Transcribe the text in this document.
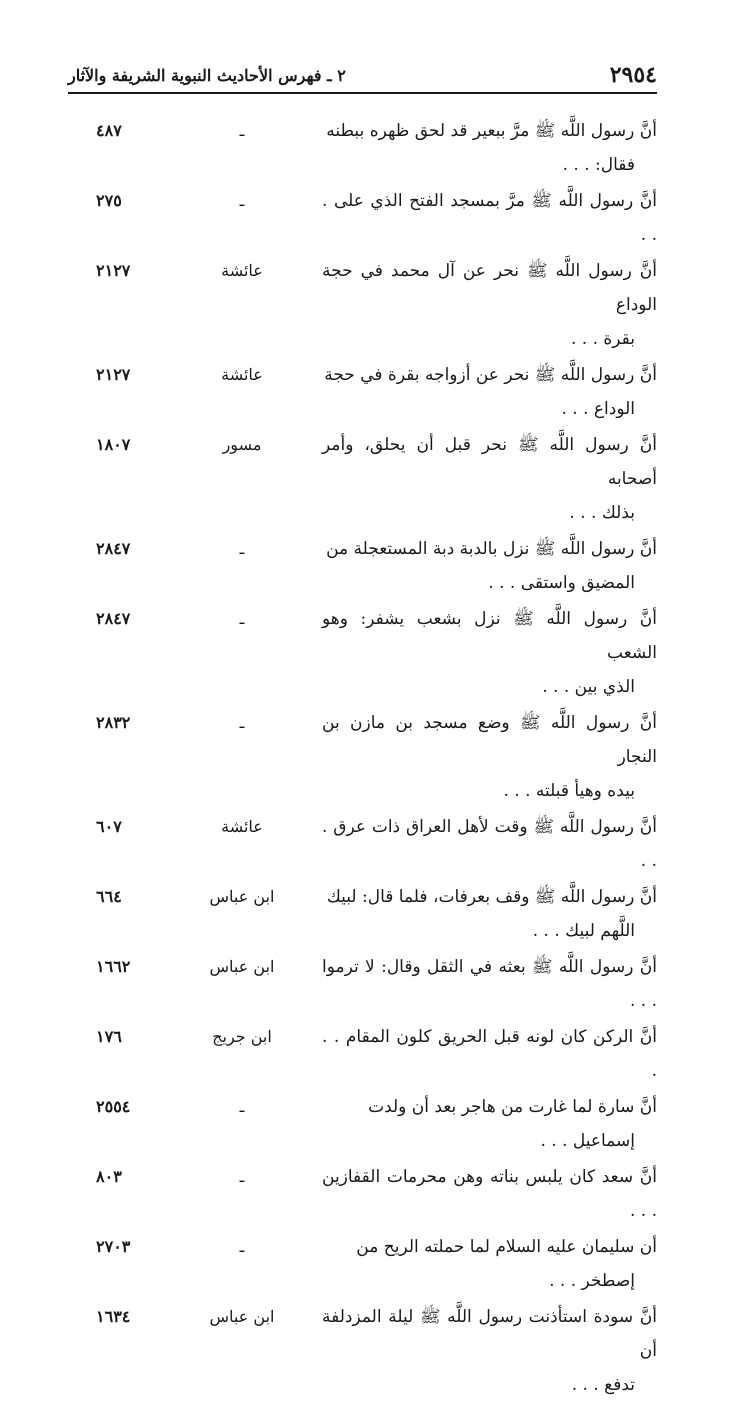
٢٩٥٤
٢ ـ فهرس الأحاديث النبوية الشريفة والآثار
أنَّ رسول اللَّه ﷺ مرَّ ببعير قد لحق ظهره ببطنه
فقال: . . .
ـ
٤٨٧
أنَّ رسول اللَّه ﷺ مرَّ بمسجد الفتح الذي على . . .
ـ
٢٧٥
أنَّ رسول اللَّه ﷺ نحر عن آل محمد في حجة الوداع
بقرة . . .
عائشة
٢١٢٧
أنَّ رسول اللَّه ﷺ نحر عن أزواجه بقرة في حجة
الوداع . . .
عائشة
٢١٢٧
أنَّ رسول اللَّه ﷺ نحر قبل أن يحلق، وأمر أصحابه
بذلك . . .
مسور
١٨٠٧
أنَّ رسول اللَّه ﷺ نزل بالدبة دبة المستعجلة من
المضيق واستقى . . .
ـ
٢٨٤٧
أنَّ رسول اللَّه ﷺ نزل بشعب يشفر: وهو الشعب
الذي بين . . .
ـ
٢٨٤٧
أنَّ رسول اللَّه ﷺ وضع مسجد بن مازن بن النجار
بيده وهيأ قبلته . . .
ـ
٢٨٣٢
أنَّ رسول اللَّه ﷺ وقت لأهل العراق ذات عرق . . .
عائشة
٦٠٧
أنَّ رسول اللَّه ﷺ وقف بعرفات، فلما قال: لبيك
اللَّهم لبيك . . .
ابن عباس
٦٦٤
أنَّ رسول اللَّه ﷺ بعثه في الثقل وقال: لا ترموا . . .
ابن عباس
١٦٦٢
أنَّ الركن كان لونه قبل الحريق كلون المقام . . .
ابن جريج
١٧٦
أنَّ سارة لما غارت من هاجر بعد أن ولدت
إسماعيل . . .
ـ
٢٥٥٤
أنَّ سعد كان يلبس بناته وهن محرمات القفازين . . .
ـ
٨٠٣
أن سليمان عليه السلام لما حملته الريح من
إصطخر . . .
ـ
٢٧٠٣
أنَّ سودة استأذنت رسول اللَّه ﷺ ليلة المزدلفة أن
تدفع . . .
ابن عباس
١٦٣٤
